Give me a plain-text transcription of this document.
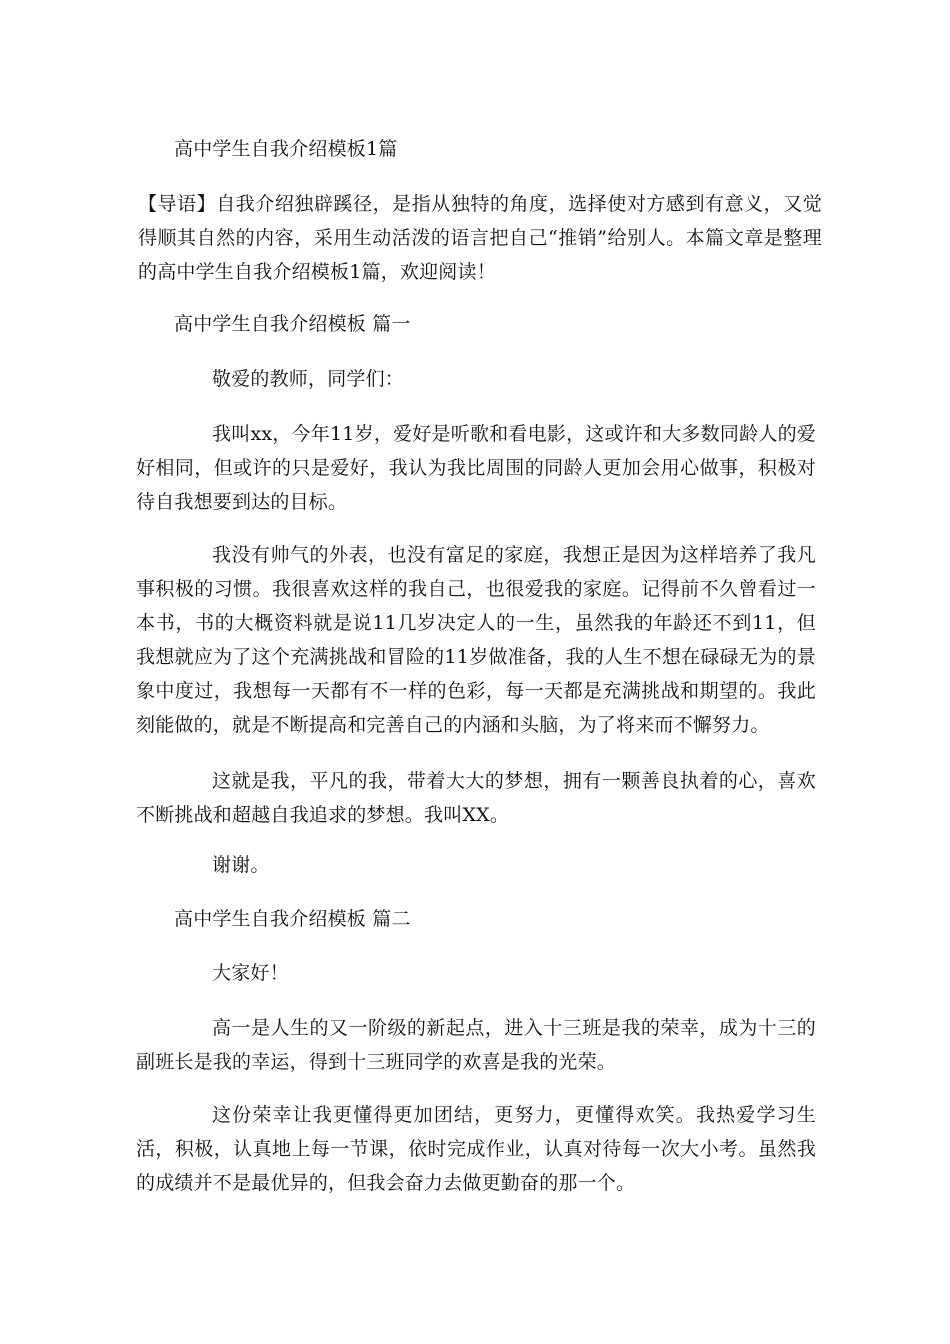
高中学生自我介绍模板1篇

【导语】自我介绍独辟蹊径，是指从独特的角度，选择使对方感到有意义，又觉得顺其自然的内容，采用生动活泼的语言把自己“推销”给别人。本篇文章是整理的高中学生自我介绍模板1篇，欢迎阅读！

高中学生自我介绍模板 篇一

敬爱的教师，同学们：

我叫xx，今年11岁，爱好是听歌和看电影，这或许和大多数同龄人的爱好相同，但或许的只是爱好，我认为我比周围的同龄人更加会用心做事，积极对待自我想要到达的目标。

我没有帅气的外表，也没有富足的家庭，我想正是因为这样培养了我凡事积极的习惯。我很喜欢这样的我自己，也很爱我的家庭。记得前不久曾看过一本书，书的大概资料就是说11几岁决定人的一生，虽然我的年龄还不到11，但我想就应为了这个充满挑战和冒险的11岁做准备，我的人生不想在碌碌无为的景象中度过，我想每一天都有不一样的色彩，每一天都是充满挑战和期望的。我此刻能做的，就是不断提高和完善自己的内涵和头脑，为了将来而不懈努力。

这就是我，平凡的我，带着大大的梦想，拥有一颗善良执着的心，喜欢不断挑战和超越自我追求的梦想。我叫XX。

谢谢。

高中学生自我介绍模板 篇二

大家好！

高一是人生的又一阶级的新起点，进入十三班是我的荣幸，成为十三的副班长是我的幸运，得到十三班同学的欢喜是我的光荣。

这份荣幸让我更懂得更加团结，更努力，更懂得欢笑。我热爱学习生活，积极，认真地上每一节课，依时完成作业，认真对待每一次大小考。虽然我的成绩并不是最优异的，但我会奋力去做更勤奋的那一个。
